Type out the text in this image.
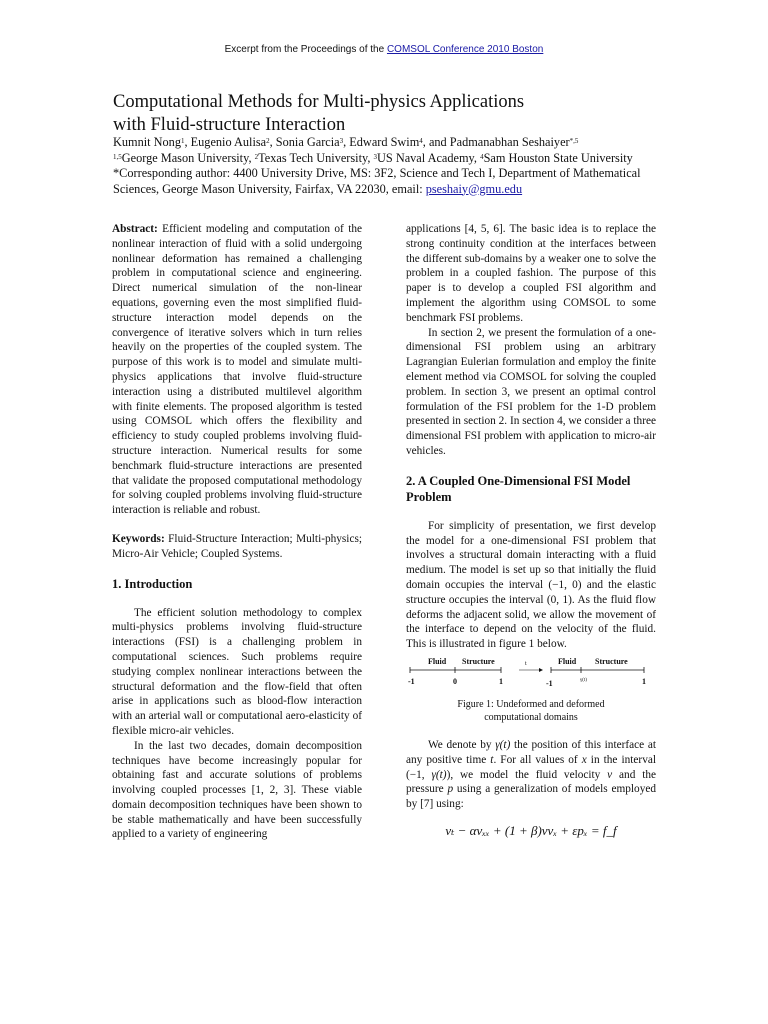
Excerpt from the Proceedings of the COMSOL Conference 2010 Boston
Computational Methods for Multi-physics Applications
with Fluid-structure Interaction
Kumnit Nong$^1$, Eugenio Aulisa$^2$, Sonia Garcia$^3$, Edward Swim$^4$, and Padmanabhan Seshaiyer$^{*,5}$
$^{1,5}$George Mason University, $^2$Texas Tech University, $^3$US Naval Academy, $^4$Sam Houston State University
*Corresponding author: 4400 University Drive, MS: 3F2, Science and Tech I, Department of Mathematical
Sciences, George Mason University, Fairfax, VA 22030, email: pseshaiy@gmu.edu

Abstract: Efficient modeling and computation of the nonlinear interaction of fluid with a solid undergoing nonlinear deformation has remained a challenging problem in computational science and engineering. Direct numerical simulation of the non-linear equations, governing even the most simplified fluid-structure interaction model depends on the convergence of iterative solvers which in turn relies heavily on the properties of the coupled system. The purpose of this work is to model and simulate multi-physics applications that involve fluid-structure interaction using a distributed multilevel algorithm with finite elements. The proposed algorithm is tested using COMSOL which offers the flexibility and efficiency to study coupled problems involving fluid-structure interaction. Numerical results for some benchmark fluid-structure interactions are presented that validate the proposed computational methodology for solving coupled problems involving fluid-structure interaction is reliable and robust.

Keywords: Fluid-Structure Interaction; Multi-physics; Micro-Air Vehicle; Coupled Systems.

1. Introduction

The efficient solution methodology to complex multi-physics problems involving fluid-structure interactions (FSI) is a challenging problem in computational sciences. Such problems require studying complex nonlinear interactions between the structural deformation and the flow-field that often arise in applications such as blood-flow interaction with an arterial wall or computational aero-elasticity of flexible micro-air vehicles.

In the last two decades, domain decomposition techniques have become increasingly popular for obtaining fast and accurate solutions of problems involving coupled processes [1, 2, 3]. These viable domain decomposition techniques have been shown to be stable mathematically and have been successfully applied to a variety of engineering

applications [4, 5, 6]. The basic idea is to replace the strong continuity condition at the interfaces between the different sub-domains by a weaker one to solve the problem in a coupled fashion. The purpose of this paper is to develop a coupled FSI algorithm and implement the algorithm using COMSOL to some benchmark FSI problems.

In section 2, we present the formulation of a one-dimensional FSI problem using an arbitrary Lagrangian Eulerian formulation and employ the finite element method via COMSOL for solving the coupled problem. In section 3, we present an optimal control formulation of the FSI problem for the 1-D problem presented in section 2. In section 4, we consider a three dimensional FSI problem with application to micro-air vehicles.

2. A Coupled One-Dimensional FSI Model Problem

For simplicity of presentation, we first develop the model for a one-dimensional FSI problem that involves a structural domain interacting with a fluid medium. The model is set up so that initially the fluid domain occupies the interval (−1, 0) and the elastic structure occupies the interval (0, 1). As the fluid flow deforms the adjacent solid, we allow the movement of the interface to depend on the velocity of the fluid. This is illustrated in figure 1 below.

Fluid Structure
-1	0	1
t	Fluid Structure
-1	γ(t)	1
Figure 1: Undeformed and deformed
computational domains

We denote by γ(t) the position of this interface at any positive time t. For all values of x in the interval (−1, γ(t)), we model the fluid velocity v and the pressure p using a generalization of models employed by [7] using:

vₜ − αvₓₓ + (1 + β)vvₓ + εpₓ = f_f
